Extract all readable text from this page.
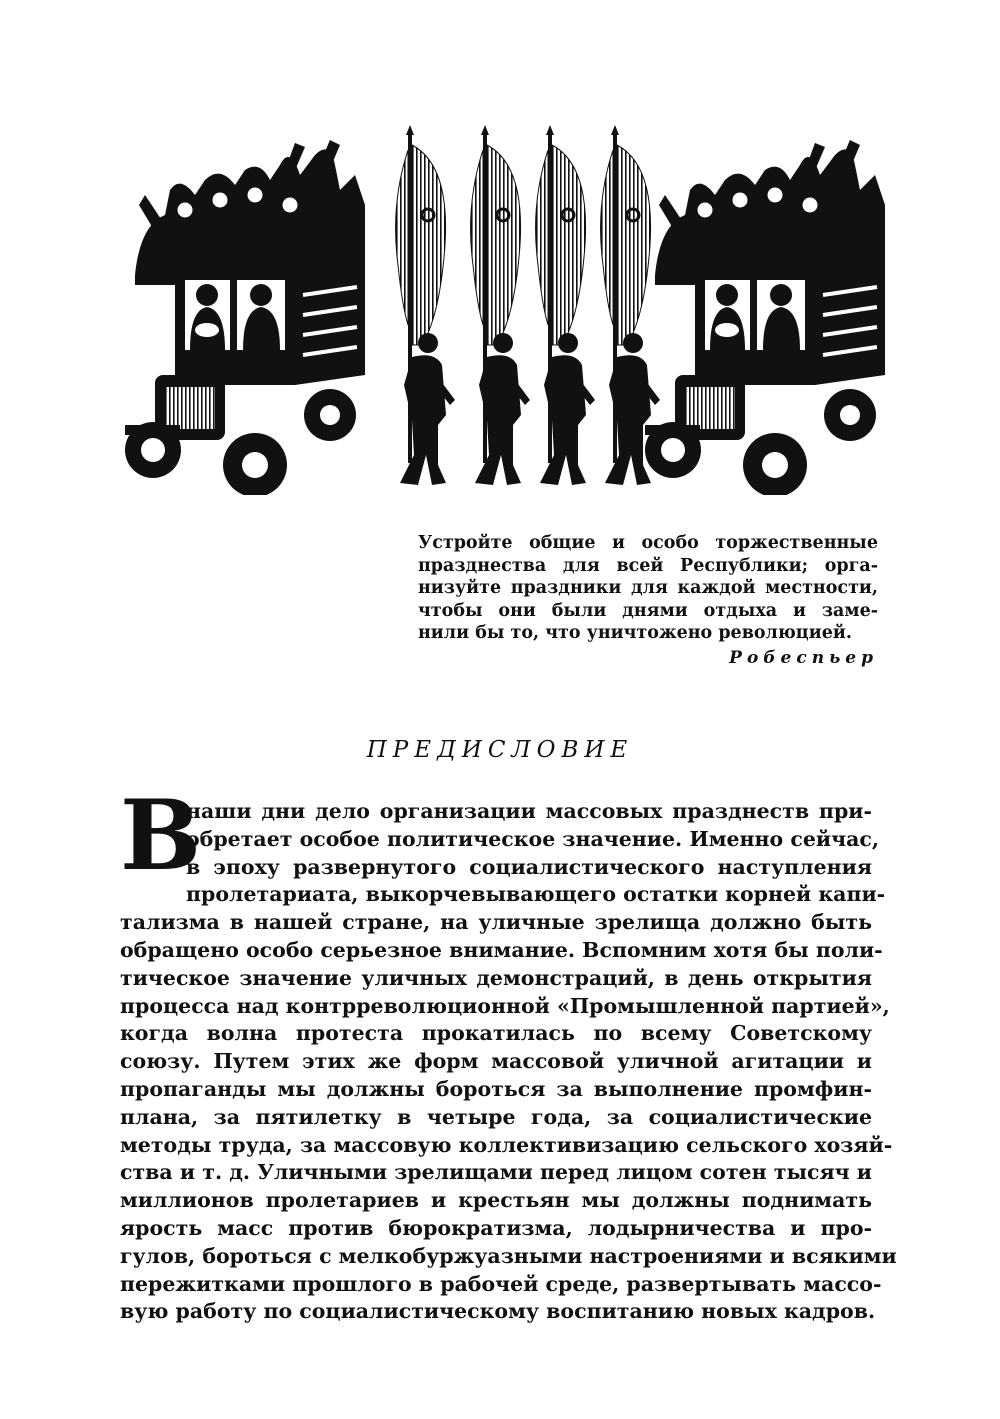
Устройте общие и особо торжественные
празднества для всей Республики; орга-
низуйте праздники для каждой местности,
чтобы они были днями отдыха и заме-
нили бы то, что уничтожено революцией.
Робеспьер
ПРЕДИСЛОВИЕ
В
наши дни дело организации массовых празднеств при-
обретает особое политическое значение. Именно сейчас,
в эпоху развернутого социалистического наступления
пролетариата, выкорчевывающего остатки корней капи-
тализма в нашей стране, на уличные зрелища должно быть
обращено особо серьезное внимание. Вспомним хотя бы поли-
тическое значение уличных демонстраций, в день открытия
процесса над контрреволюционной «Промышленной партией»,
когда волна протеста прокатилась по всему Советскому
союзу. Путем этих же форм массовой уличной агитации и
пропаганды мы должны бороться за выполнение промфин-
плана, за пятилетку в четыре года, за социалистические
методы труда, за массовую коллективизацию сельского хозяй-
ства и т. д. Уличными зрелищами перед лицом сотен тысяч и
миллионов пролетариев и крестьян мы должны поднимать
ярость масс против бюрократизма, лодырничества и про-
гулов, бороться с мелкобуржуазными настроениями и всякими
пережитками прошлого в рабочей среде, развертывать массо-
вую работу по социалистическому воспитанию новых кадров.
